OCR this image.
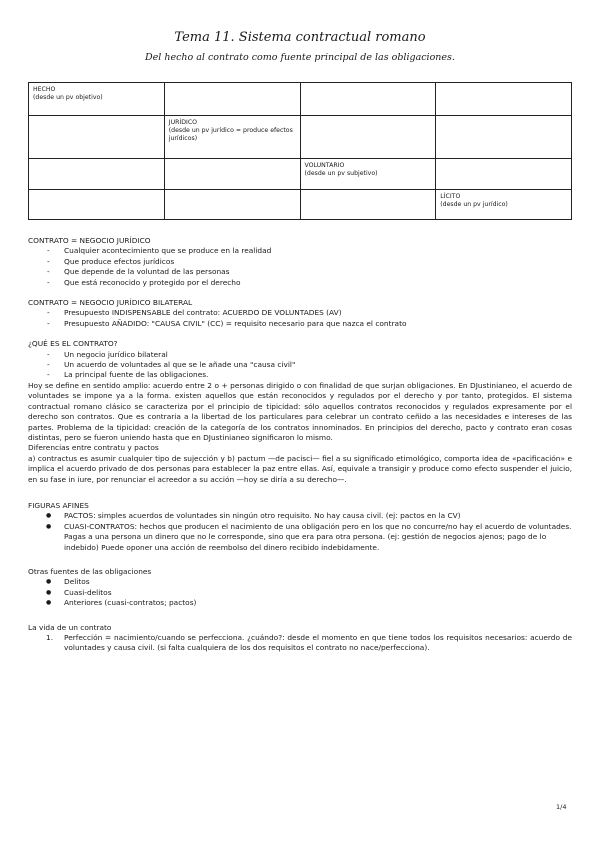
Tema 11. Sistema contractual romano
Del hecho al contrato como fuente principal de las obligaciones.
HECHO
(desde un pv objetivo)			

	JURÍDICO
(desde un pv jurídico = produce efectos jurídicos)		

		VOLUNTARIO
(desde un pv subjetivo)	

			LÍCITO
(desde un pv jurídico)

CONTRATO = NEGOCIO JURÍDICO

- Cualquier acontecimiento que se produce en la realidad
- Que produce efectos jurídicos
- Que depende de la voluntad de las personas
- Que está reconocido y protegido por el derecho

CONTRATO = NEGOCIO JURÍDICO BILATERAL

- Presupuesto INDISPENSABLE del contrato: ACUERDO DE VOLUNTADES (AV)
- Presupuesto AÑADIDO: "CAUSA CIVIL" (CC) = requisito necesario para que nazca el contrato

¿QUÉ ES EL CONTRATO?

- Un negocio jurídico bilateral
- Un acuerdo de voluntades al que se le añade una "causa civil"
- La principal fuente de las obligaciones.

Hoy se define en sentido amplio: acuerdo entre 2 o + personas dirigido o con finalidad de que surjan obligaciones. En DJustinianeo, el acuerdo de voluntades se impone ya a la forma. existen aquellos que están reconocidos y regulados por el derecho y por tanto, protegidos. El sistema contractual romano clásico se caracteriza por el principio de tipicidad: sólo aquellos contratos reconocidos y regulados expresamente por el derecho son contratos. Que es contraria a la libertad de los particulares para celebrar un contrato ceñido a las necesidades e intereses de las partes. Problema de la tipicidad: creación de la categoría de los contratos innominados. En principios del derecho, pacto y contrato eran cosas distintas, pero se fueron uniendo hasta que en DJustinianeo significaron lo mismo.

Diferencias entre contratu y pactos

a) contractus es asumir cualquier tipo de sujección y b) pactum —de pacisci— fiel a su significado etimológico, comporta idea de «pacificación» e implica el acuerdo privado de dos personas para establecer la paz entre ellas. Así, equivale a transigir y produce como efecto suspender el juicio, en su fase in iure, por renunciar el acreedor a su acción —hoy se diría a su derecho—.

FIGURAS AFINES

● PACTOS: simples acuerdos de voluntades sin ningún otro requisito. No hay causa civil. (ej: pactos en la CV)
● CUASI-CONTRATOS: hechos que producen el nacimiento de una obligación pero en los que no concurre/no hay el acuerdo de voluntades. Pagas a una persona un dinero que no le corresponde, sino que era para otra persona. (ej: gestión de negocios ajenos; pago de lo indebido) Puede oponer una acción de reembolso del dinero recibido indebidamente.

Otras fuentes de las obligaciones

● Delitos
● Cuasi-delitos
● Anteriores (cuasi-contratos; pactos)

La vida de un contrato

1. Perfección = nacimiento/cuando se perfecciona. ¿cuándo?: desde el momento en que tiene todos los requisitos necesarios: acuerdo de voluntades y causa civil. (si falta cualquiera de los dos requisitos el contrato no nace/perfecciona).
1/4
